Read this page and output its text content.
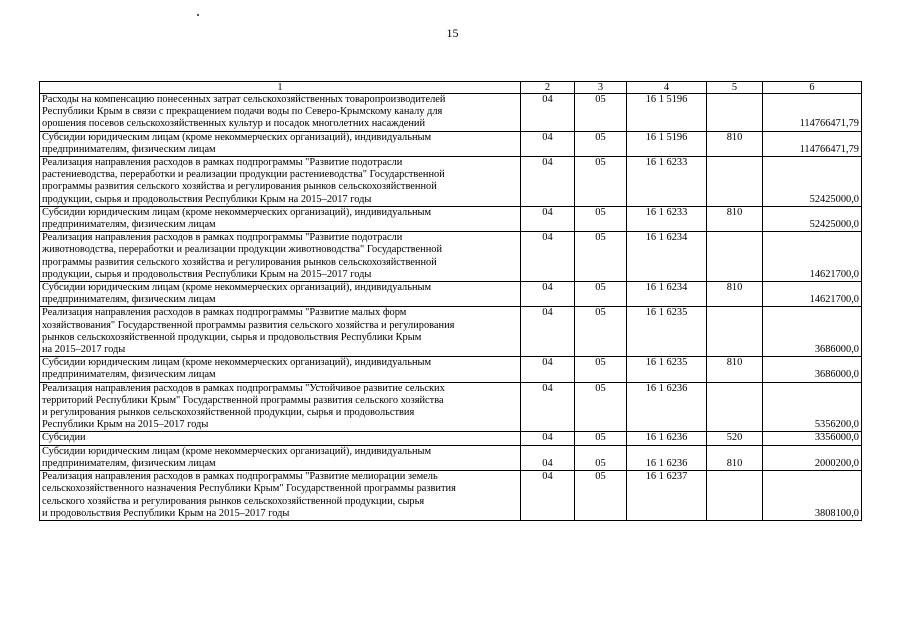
15
1	2	3	4	5	6
Расходы на компенсацию понесенных затрат сельскохозяйственных товаропроизводителей
Республики Крым в связи с прекращением подачи воды по Северо-Крымскому каналу для
орошения посевов сельскохозяйственных культур и посадок многолетних насаждений	04	05	16 1 5196		114766471,79
Субсидии юридическим лицам (кроме некоммерческих организаций), индивидуальным
предпринимателям, физическим лицам	04	05	16 1 5196	810	114766471,79
Реализация направления расходов в рамках подпрограммы "Развитие подотрасли
растениеводства, переработки и реализации продукции растениеводства" Государственной
программы развития сельского хозяйства и регулирования рынков сельскохозяйственной
продукции, сырья и продовольствия Республики Крым на 2015–2017 годы	04	05	16 1 6233		52425000,0
Субсидии юридическим лицам (кроме некоммерческих организаций), индивидуальным
предпринимателям, физическим лицам	04	05	16 1 6233	810	52425000,0
Реализация направления расходов в рамках подпрограммы "Развитие подотрасли
животноводства, переработки и реализации продукции животноводства" Государственной
программы развития сельского хозяйства и регулирования рынков сельскохозяйственной
продукции, сырья и продовольствия Республики Крым на 2015–2017 годы	04	05	16 1 6234		14621700,0
Субсидии юридическим лицам (кроме некоммерческих организаций), индивидуальным
предпринимателям, физическим лицам	04	05	16 1 6234	810	14621700,0
Реализация направления расходов в рамках подпрограммы "Развитие малых форм
хозяйствования" Государственной программы развития сельского хозяйства и регулирования
рынков сельскохозяйственной продукции, сырья и продовольствия Республики Крым
на 2015–2017 годы	04	05	16 1 6235		3686000,0
Субсидии юридическим лицам (кроме некоммерческих организаций), индивидуальным
предпринимателям, физическим лицам	04	05	16 1 6235	810	3686000,0
Реализация направления расходов в рамках подпрограммы "Устойчивое развитие сельских
территорий Республики Крым" Государственной программы развития сельского хозяйства
и регулирования рынков сельскохозяйственной продукции, сырья и продовольствия
Республики Крым на 2015–2017 годы	04	05	16 1 6236		5356200,0
Субсидии	04	05	16 1 6236	520	3356000,0
Субсидии юридическим лицам (кроме некоммерческих организаций), индивидуальным
предпринимателям, физическим лицам	04	05	16 1 6236	810	2000200,0
Реализация направления расходов в рамках подпрограммы "Развитие мелиорации земель
сельскохозяйственного назначения Республики Крым" Государственной программы развития
сельского хозяйства и регулирования рынков сельскохозяйственной продукции, сырья
и продовольствия Республики Крым на 2015–2017 годы	04	05	16 1 6237		3808100,0
